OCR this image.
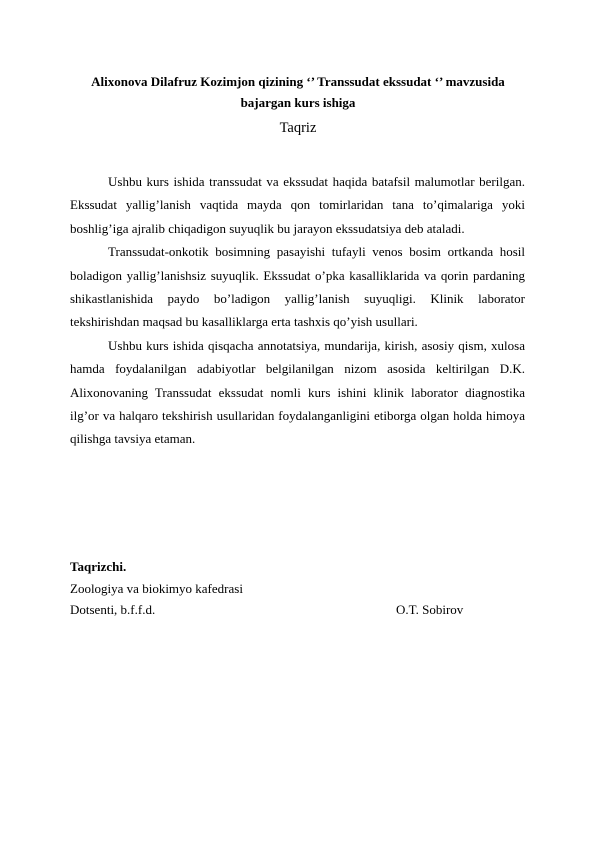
Alixonova Dilafruz Kozimjon qizining ‘’ Transsudat ekssudat ‘’ mavzusida
bajargan kurs ishiga
Taqriz

Ushbu kurs ishida transsudat va ekssudat haqida batafsil malumotlar berilgan. Ekssudat yallig’lanish vaqtida mayda qon tomirlaridan tana to’qimalariga yoki boshlig’iga ajralib chiqadigon suyuqlik bu jarayon ekssudatsiya deb ataladi.

Transsudat-onkotik bosimning pasayishi tufayli venos bosim ortkanda hosil boladigon yallig’lanishsiz suyuqlik. Ekssudat o’pka kasalliklarida va qorin pardaning shikastlanishida paydo bo’ladigon yallig’lanish suyuqligi. Klinik laborator tekshirishdan maqsad bu kasalliklarga erta tashxis qo’yish usullari.

Ushbu kurs ishida qisqacha annotatsiya, mundarija, kirish, asosiy qism, xulosa hamda foydalanilgan adabiyotlar belgilanilgan nizom asosida keltirilgan D.K. Alixonovaning Transsudat ekssudat nomli kurs ishini klinik laborator diagnostika ilg’or va halqaro tekshirish usullaridan foydalanganligini etiborga olgan holda himoya qilishga tavsiya etaman.

Taqrizchi.

Zoologiya va biokimyo kafedrasi

Dotsenti, b.f.f.d.	O.T. Sobirov
